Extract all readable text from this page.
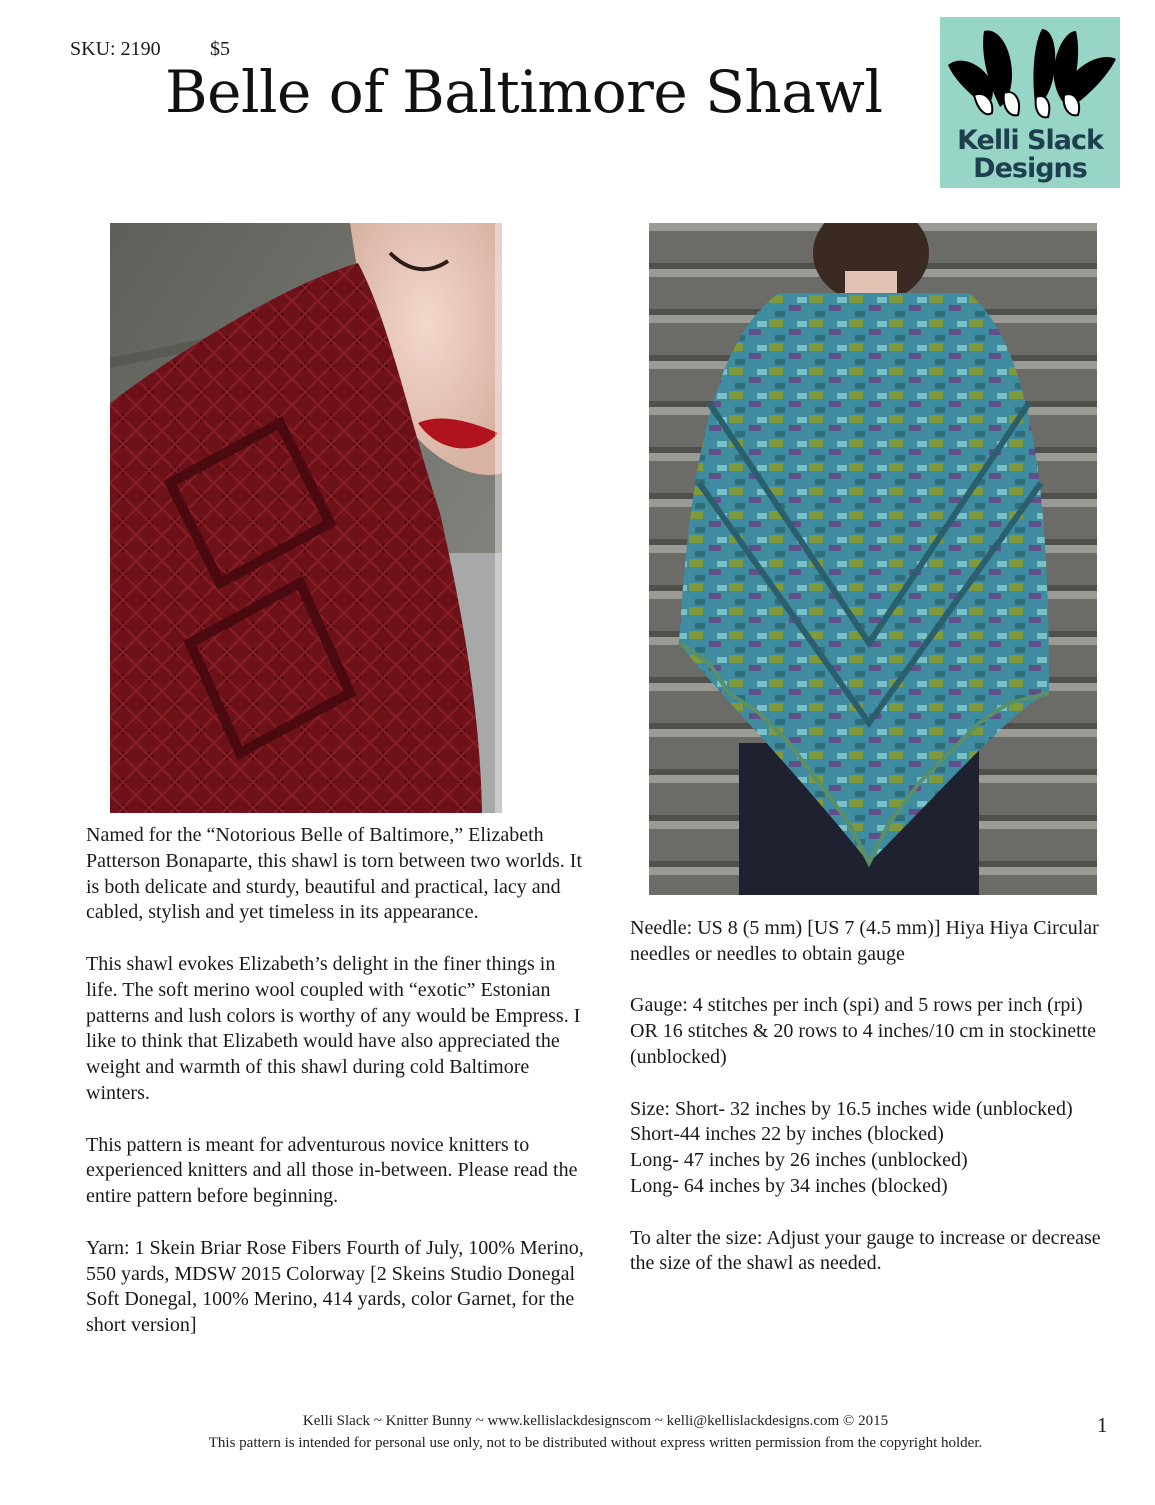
SKU: 2190 $5
Belle of Baltimore Shawl
Kelli Slack
Designs

Named for the “Notorious Belle of Baltimore,” Elizabeth Patterson Bonaparte, this shawl is torn between two worlds. It is both delicate and sturdy, beautiful and practical, lacy and cabled, stylish and yet timeless in its appearance.

This shawl evokes Elizabeth’s delight in the finer things in life. The soft merino wool coupled with “exotic” Estonian patterns and lush colors is worthy of any would be Empress. I like to think that Elizabeth would have also appreciated the weight and warmth of this shawl during cold Baltimore winters.

This pattern is meant for adventurous novice knitters to experienced knitters and all those in-between. Please read the entire pattern before beginning.

Yarn: 1 Skein Briar Rose Fibers Fourth of July, 100% Merino, 550 yards, MDSW 2015 Colorway [2 Skeins Studio Donegal Soft Donegal, 100% Merino, 414 yards, color Garnet, for the short version]

Needle: US 8 (5 mm) [US 7 (4.5 mm)] Hiya Hiya Circular needles or needles to obtain gauge

Gauge: 4 stitches per inch (spi) and 5 rows per inch (rpi) OR 16 stitches & 20 rows to 4 inches/10 cm in stockinette (unblocked)

Size: Short- 32 inches by 16.5 inches wide (unblocked)
Short-44 inches 22 by inches (blocked)
Long- 47 inches by 26 inches (unblocked)
Long- 64 inches by 34 inches (blocked)

To alter the size: Adjust your gauge to increase or decrease the size of the shawl as needed.

Kelli Slack ~ Knitter Bunny ~ www.kellislackdesignscom ~ kelli@kellislackdesigns.com © 2015
This pattern is intended for personal use only, not to be distributed without express written permission from the copyright holder.
1
